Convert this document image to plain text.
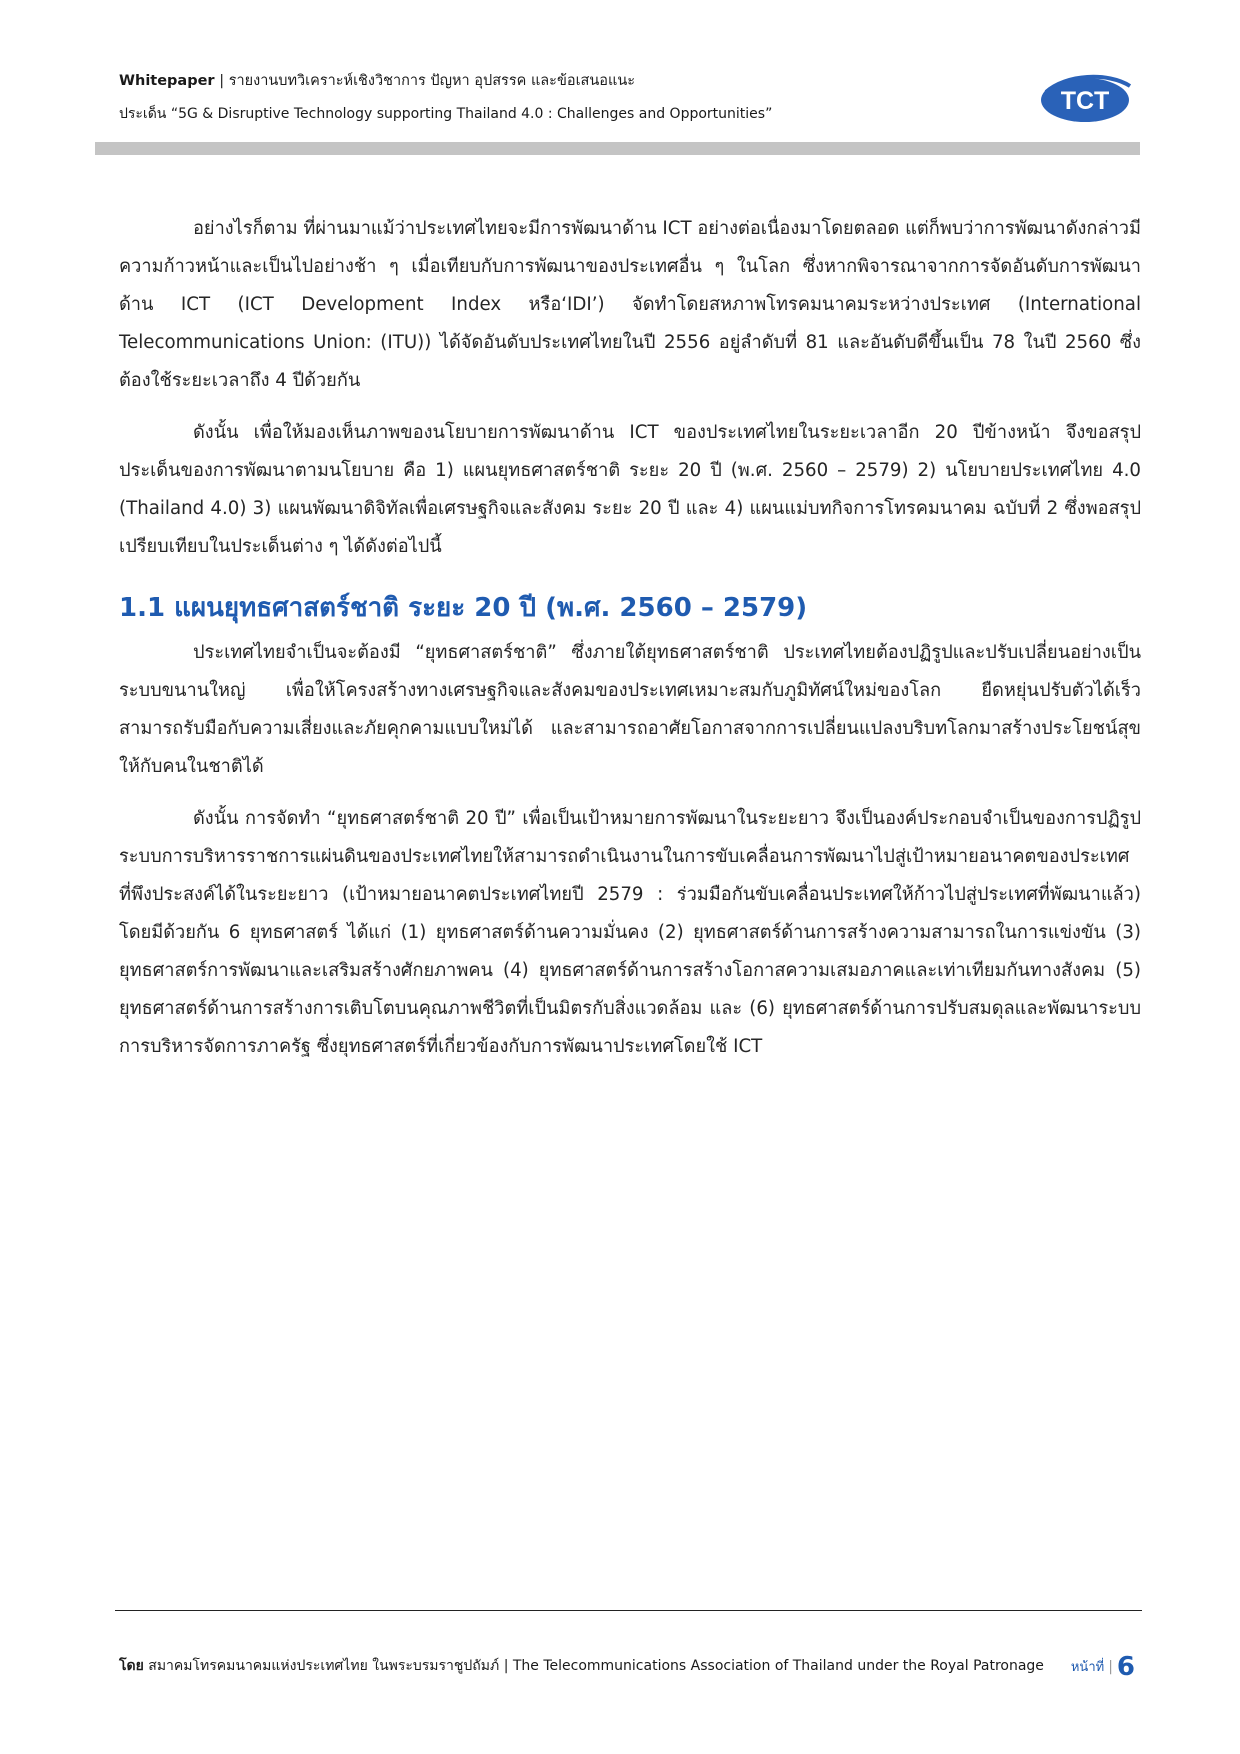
Whitepaper | รายงานบทวิเคราะห์เชิงวิชาการ ปัญหา อุปสรรค และข้อเสนอแนะ
ประเด็น “5G & Disruptive Technology supporting Thailand 4.0 : Challenges and Opportunities”	TCT

อย่างไรก็ตาม ที่ผ่านมาแม้ว่าประเทศไทยจะมีการพัฒนาด้าน ICT อย่างต่อเนื่องมาโดยตลอด แต่ก็พบว่าการพัฒนาดังกล่าวมีความก้าวหน้าและเป็นไปอย่างช้า ๆ เมื่อเทียบกับการพัฒนาของประเทศอื่น ๆ ในโลก ซึ่งหากพิจารณาจากการจัดอันดับการพัฒนาด้าน ICT (ICT Development Index หรือ‘IDI’) จัดทำโดยสหภาพโทรคมนาคมระหว่างประเทศ (International Telecommunications Union: (ITU)) ได้จัดอันดับประเทศไทยในปี 2556 อยู่ลำดับที่ 81 และอันดับดีขึ้นเป็น 78 ในปี 2560 ซึ่งต้องใช้ระยะเวลาถึง 4 ปีด้วยกัน

ดังนั้น เพื่อให้มองเห็นภาพของนโยบายการพัฒนาด้าน ICT ของประเทศไทยในระยะเวลาอีก 20 ปีข้างหน้า จึงขอสรุปประเด็นของการพัฒนาตามนโยบาย คือ 1) แผนยุทธศาสตร์ชาติ ระยะ 20 ปี (พ.ศ. 2560 – 2579) 2) นโยบายประเทศไทย 4.0 (Thailand 4.0) 3) แผนพัฒนาดิจิทัลเพื่อเศรษฐกิจและสังคม ระยะ 20 ปี และ 4) แผนแม่บทกิจการโทรคมนาคม ฉบับที่ 2 ซึ่งพอสรุปเปรียบเทียบในประเด็นต่าง ๆ ได้ดังต่อไปนี้

1.1 แผนยุทธศาสตร์ชาติ ระยะ 20 ปี (พ.ศ. 2560 – 2579)

ประเทศไทยจำเป็นจะต้องมี “ยุทธศาสตร์ชาติ” ซึ่งภายใต้ยุทธศาสตร์ชาติ ประเทศไทยต้องปฏิรูปและปรับเปลี่ยนอย่างเป็นระบบขนานใหญ่ เพื่อให้โครงสร้างทางเศรษฐกิจและสังคมของประเทศเหมาะสมกับภูมิทัศน์ใหม่ของโลก ยืดหยุ่นปรับตัวได้เร็ว สามารถรับมือกับความเสี่ยงและภัยคุกคามแบบใหม่ได้ และสามารถอาศัยโอกาสจากการเปลี่ยนแปลงบริบทโลกมาสร้างประโยชน์สุขให้กับคนในชาติได้

ดังนั้น การจัดทำ “ยุทธศาสตร์ชาติ 20 ปี” เพื่อเป็นเป้าหมายการพัฒนาในระยะยาว จึงเป็นองค์ประกอบจำเป็นของการปฏิรูประบบการบริหารราชการแผ่นดินของประเทศไทยให้สามารถดำเนินงานในการขับเคลื่อนการพัฒนาไปสู่เป้าหมายอนาคตของประเทศที่พึงประสงค์ได้ในระยะยาว (เป้าหมายอนาคตประเทศไทยปี 2579 : ร่วมมือกันขับเคลื่อนประเทศให้ก้าวไปสู่ประเทศที่พัฒนาแล้ว) โดยมีด้วยกัน 6 ยุทธศาสตร์ ได้แก่ (1) ยุทธศาสตร์ด้านความมั่นคง (2) ยุทธศาสตร์ด้านการสร้างความสามารถในการแข่งขัน (3) ยุทธศาสตร์การพัฒนาและเสริมสร้างศักยภาพคน (4) ยุทธศาสตร์ด้านการสร้างโอกาสความเสมอภาคและเท่าเทียมกันทางสังคม (5) ยุทธศาสตร์ด้านการสร้างการเติบโตบนคุณภาพชีวิตที่เป็นมิตรกับสิ่งแวดล้อม และ (6) ยุทธศาสตร์ด้านการปรับสมดุลและพัฒนาระบบการบริหารจัดการภาครัฐ ซึ่งยุทธศาสตร์ที่เกี่ยวข้องกับการพัฒนาประเทศโดยใช้ ICT

โดย สมาคมโทรคมนาคมแห่งประเทศไทย ในพระบรมราชูปถัมภ์ | The Telecommunications Association of Thailand under the Royal Patronage $^{หน้าที่}$ | 6
